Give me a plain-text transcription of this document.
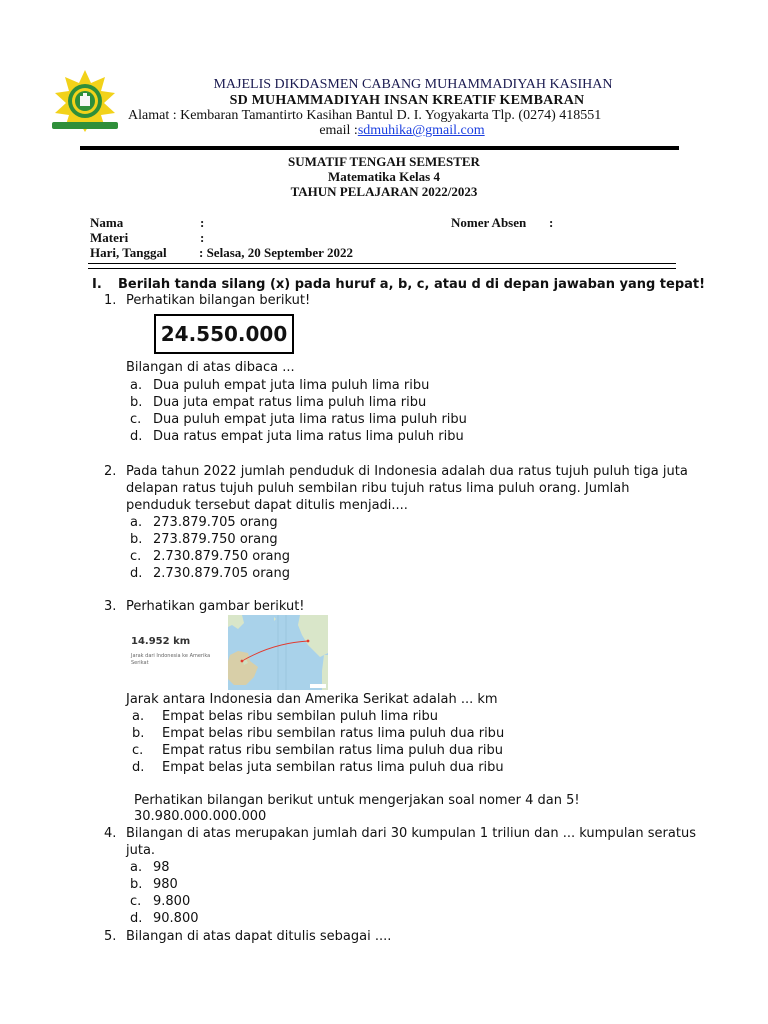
MAJELIS DIKDASMEN CABANG MUHAMMADIYAH KASIHAN
SD MUHAMMADIYAH INSAN KREATIF KEMBARAN
Alamat : Kembaran Tamantirto Kasihan Bantul D. I. Yogyakarta Tlp. (0274) 418551
email :sdmuhika@gmail.com
SUMATIF TENGAH SEMESTER
Matematika Kelas 4
TAHUN PELAJARAN 2022/2023
Nama	:	Nomer Absen :
Materi	:
Hari, Tanggal : Selasa, 20 September 2022
I. Berilah tanda silang (x) pada huruf a, b, c, atau d di depan jawaban yang tepat!
1. Perhatikan bilangan berikut!
24.550.000
Bilangan di atas dibaca ...
a. Dua puluh empat juta lima puluh lima ribu
b. Dua juta empat ratus lima puluh lima ribu
c. Dua puluh empat juta lima ratus lima puluh ribu
d. Dua ratus empat juta lima ratus lima puluh ribu
2. Pada tahun 2022 jumlah penduduk di Indonesia adalah dua ratus tujuh puluh tiga juta
delapan ratus tujuh puluh sembilan ribu tujuh ratus lima puluh orang. Jumlah
penduduk tersebut dapat ditulis menjadi....
a. 273.879.705 orang
b. 273.879.750 orang
c. 2.730.879.750 orang
d. 2.730.879.705 orang
3. Perhatikan gambar berikut!
14.952 km
Jarak dari Indonesia ke Amerika
Serikat
Jarak antara Indonesia dan Amerika Serikat adalah ... km
a. Empat belas ribu sembilan puluh lima ribu
b. Empat belas ribu sembilan ratus lima puluh dua ribu
c. Empat ratus ribu sembilan ratus lima puluh dua ribu
d. Empat belas juta sembilan ratus lima puluh dua ribu
Perhatikan bilangan berikut untuk mengerjakan soal nomer 4 dan 5!
30.980.000.000.000
4. Bilangan di atas merupakan jumlah dari 30 kumpulan 1 triliun dan ... kumpulan seratus
juta.
a. 98
b. 980
c. 9.800
d. 90.800
5. Bilangan di atas dapat ditulis sebagai ....
